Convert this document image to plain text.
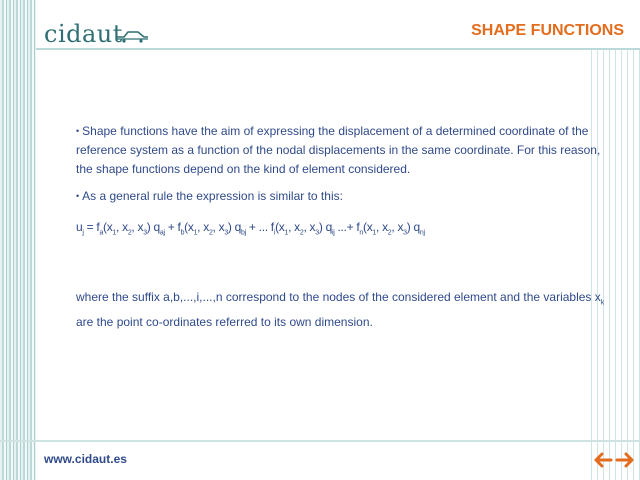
cidaut	SHAPE FUNCTIONS

• Shape functions have the aim of expressing the displacement of a determined coordinate of the reference system as a function of the nodal displacements in the same coordinate. For this reason, the shape functions depend on the kind of element considered.

• As a general rule the expression is similar to this:

$u_j = f_a(x_1$, $x_2$, $x_3$) $q_{aj} + f_b(x_1$, $x_2$, $x_3$) $q_{bj}$ + ... $f_i(x_1$, $x_2$, $x_3$) $q_{ij}$ ...+ $f_n(x_1$, $x_2$, $x_3$) $q_{nj}$

where the suffix a,b,...,i,...,n correspond to the nodes of the considered element and the variables $x_k$ are the point co-ordinates referred to its own dimension.

www.cidaut.es
